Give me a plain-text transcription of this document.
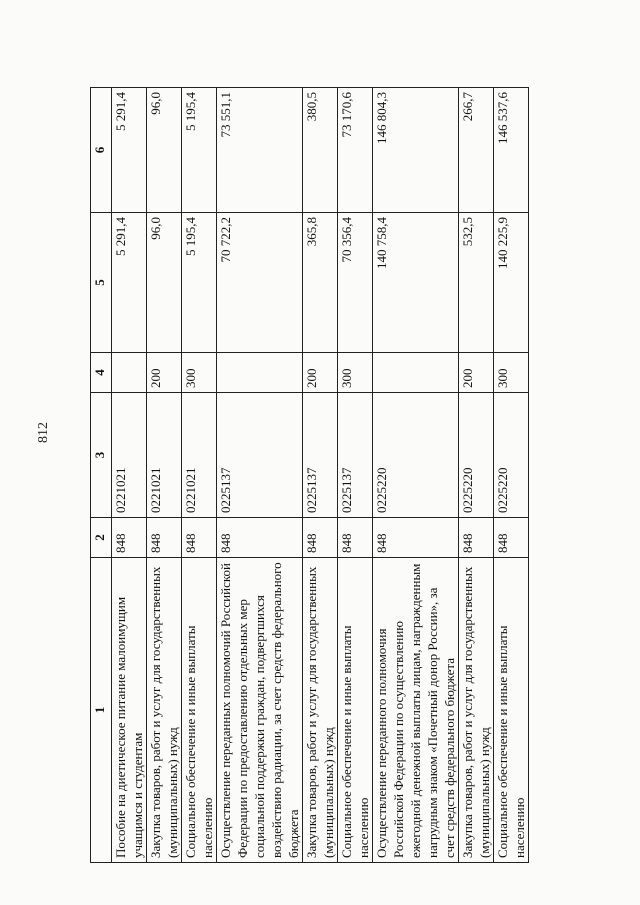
812
1	2	3	4	5	6
Пособие на диетическое питание малоимущим учащимся и студентам	848	0221021		5 291,4	5 291,4
Закупка товаров, работ и услуг для государственных (муниципальных) нужд	848	0221021	200	96,0	96,0
Социальное обеспечение и иные выплаты населению	848	0221021	300	5 195,4	5 195,4
Осуществление переданных полномочий Российской Федерации по предоставлению отдельных мер социальной поддержки граждан, подвергшихся воздействию радиации, за счет средств федерального бюджета	848	0225137		70 722,2	73 551,1
Закупка товаров, работ и услуг для государственных (муниципальных) нужд	848	0225137	200	365,8	380,5
Социальное обеспечение и иные выплаты населению	848	0225137	300	70 356,4	73 170,6
Осуществление переданного полномочия Российской Федерации по осуществлению ежегодной денежной выплаты лицам, награжденным нагрудным знаком «Почетный донор России», за счет средств федерального бюджета	848	0225220		140 758,4	146 804,3
Закупка товаров, работ и услуг для государственных (муниципальных) нужд	848	0225220	200	532,5	266,7
Социальное обеспечение и иные выплаты населению	848	0225220	300	140 225,9	146 537,6
